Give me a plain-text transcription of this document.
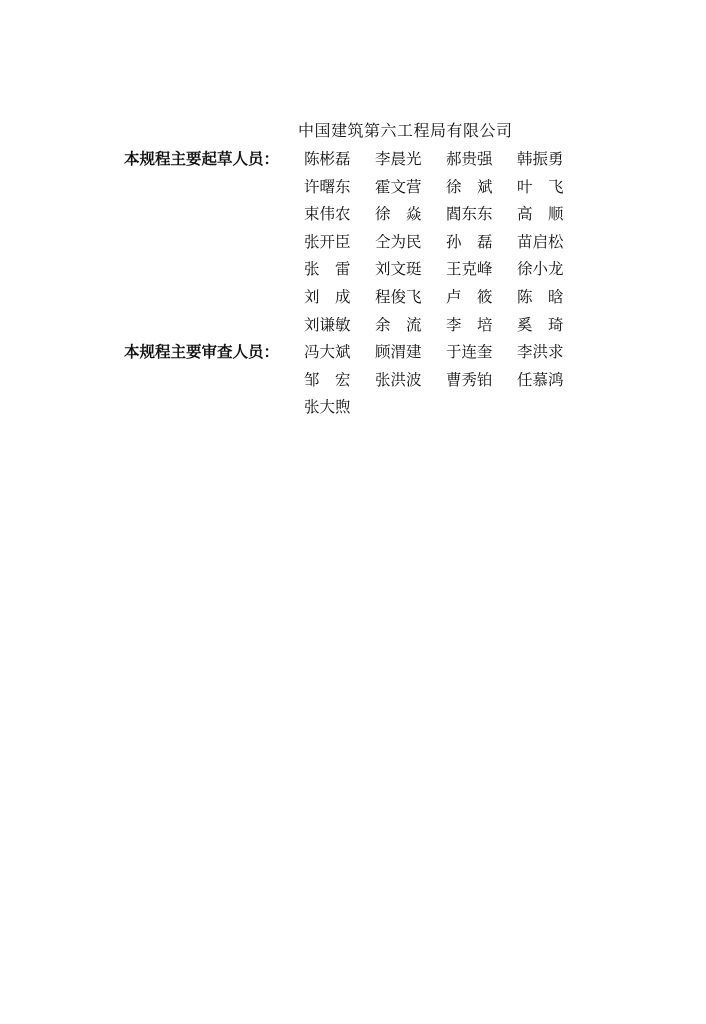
中国建筑第六工程局有限公司
本规程主要起草人员： 陈彬磊	李晨光	郝贵强	韩振勇
许曙东	霍文营	徐　斌	叶　飞
束伟农	徐　焱	閻东东	高　顺
张开臣	仝为民	孙　磊	苗启松
张　雷	刘文珽	王克峰	徐小龙
刘　成	程俊飞	卢　筱	陈　晗
刘谦敏	余　流	李　培	奚　琦
本规程主要审查人员： 冯大斌	顾渭建	于连奎	李洪求
邹　宏	张洪波	曹秀铂	任慕鸿
张大煦
